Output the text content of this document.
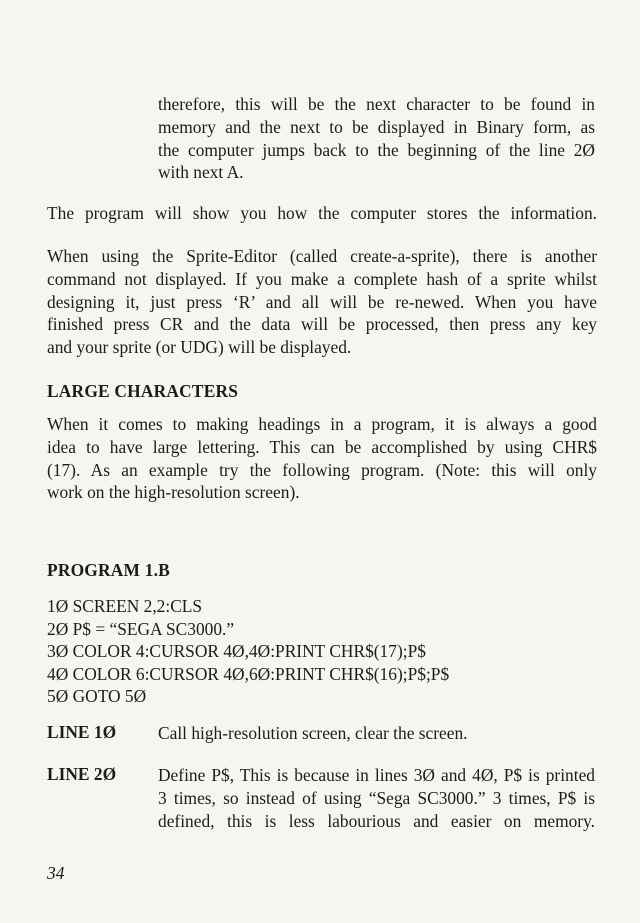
therefore, this will be the next character to be found in
memory and the next to be displayed in Binary form, as
the computer jumps back to the beginning of the line 2Ø
with next A.
The program will show you how the computer stores the information.
When using the Sprite-Editor (called create-a-sprite), there is another
command not displayed. If you make a complete hash of a sprite whilst
designing it, just press ‘R’ and all will be re-newed. When you have
finished press CR and the data will be processed, then press any key
and your sprite (or UDG) will be displayed.
LARGE CHARACTERS
When it comes to making headings in a program, it is always a good
idea to have large lettering. This can be accomplished by using CHR$
(17). As an example try the following program. (Note: this will only
work on the high-resolution screen).
PROGRAM 1.B
1Ø SCREEN 2,2:CLS
2Ø P$ = “SEGA SC3000.”
3Ø COLOR 4:CURSOR 4Ø,4Ø:PRINT CHR$(17);P$
4Ø COLOR 6:CURSOR 4Ø,6Ø:PRINT CHR$(16);P$;P$
5Ø GOTO 5Ø
LINE 1Ø Call high-resolution screen, clear the screen.
LINE 2Ø Define P$, This is because in lines 3Ø and 4Ø, P$ is printed
3 times, so instead of using “Sega SC3000.” 3 times, P$ is
defined, this is less labourious and easier on memory.
34
